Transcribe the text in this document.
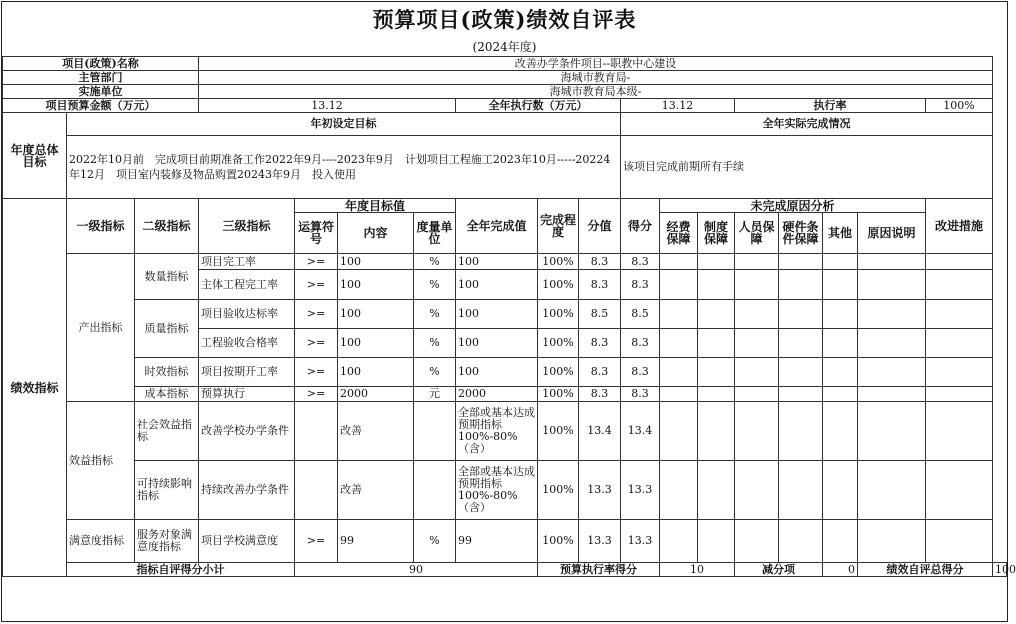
预算项目(政策)绩效自评表
(2024年度)
项目(政策)名称			改善办学条件项目--职教中心建设															
主管部门			海城市教育局-															
实施单位			海城市教育局本级-															
项目预算金额（万元）			13.12				全年执行数（万元）			13.12			执行率				100%	
年度总体目标	年初设定目标									全年实际完成情况								
	2022年10月前　完成项目前期准备工作2022年9月----2023年9月　计划项目工程施工2023年10月-----20224年12月　项目室内装修及物品购置20243年9月　投入使用									该项目完成前期所有手续								
绩效指标	一级指标	二级指标	三级指标	年度目标值			全年完成值	完成程度	分值	得分	未完成原因分析						改进措施	
				运算符号	内容	度量单位					经费保障	制度保障	人员保障	硬件条件保障	其他	原因说明		
	产出指标	数量指标	项目完工率	>=	100	%	100	100%	8.3	8.3								
			主体工程完工率	>=	100	%	100	100%	8.3	8.3								
		质量指标	项目验收达标率	>=	100	%	100	100%	8.5	8.5								
			工程验收合格率	>=	100	%	100	100%	8.3	8.3								
		时效指标	项目按期开工率	>=	100	%	100	100%	8.3	8.3								
		成本指标	预算执行	>=	2000	元	2000	100%	8.3	8.3								
	效益指标	社会效益指标	改善学校办学条件		改善		全部或基本达成预期指标100%-80%（含）	100%	13.4	13.4								
		可持续影响指标	持续改善办学条件		改善		全部或基本达成预期指标100%-80%（含）	100%	13.3	13.3								
	满意度指标	服务对象满意度指标	项目学校满意度	>=	99	%	99	100%	13.3	13.3								
	指标自评得分小计			90				预算执行率得分			10		减分项		0	绩效自评总得分		100
